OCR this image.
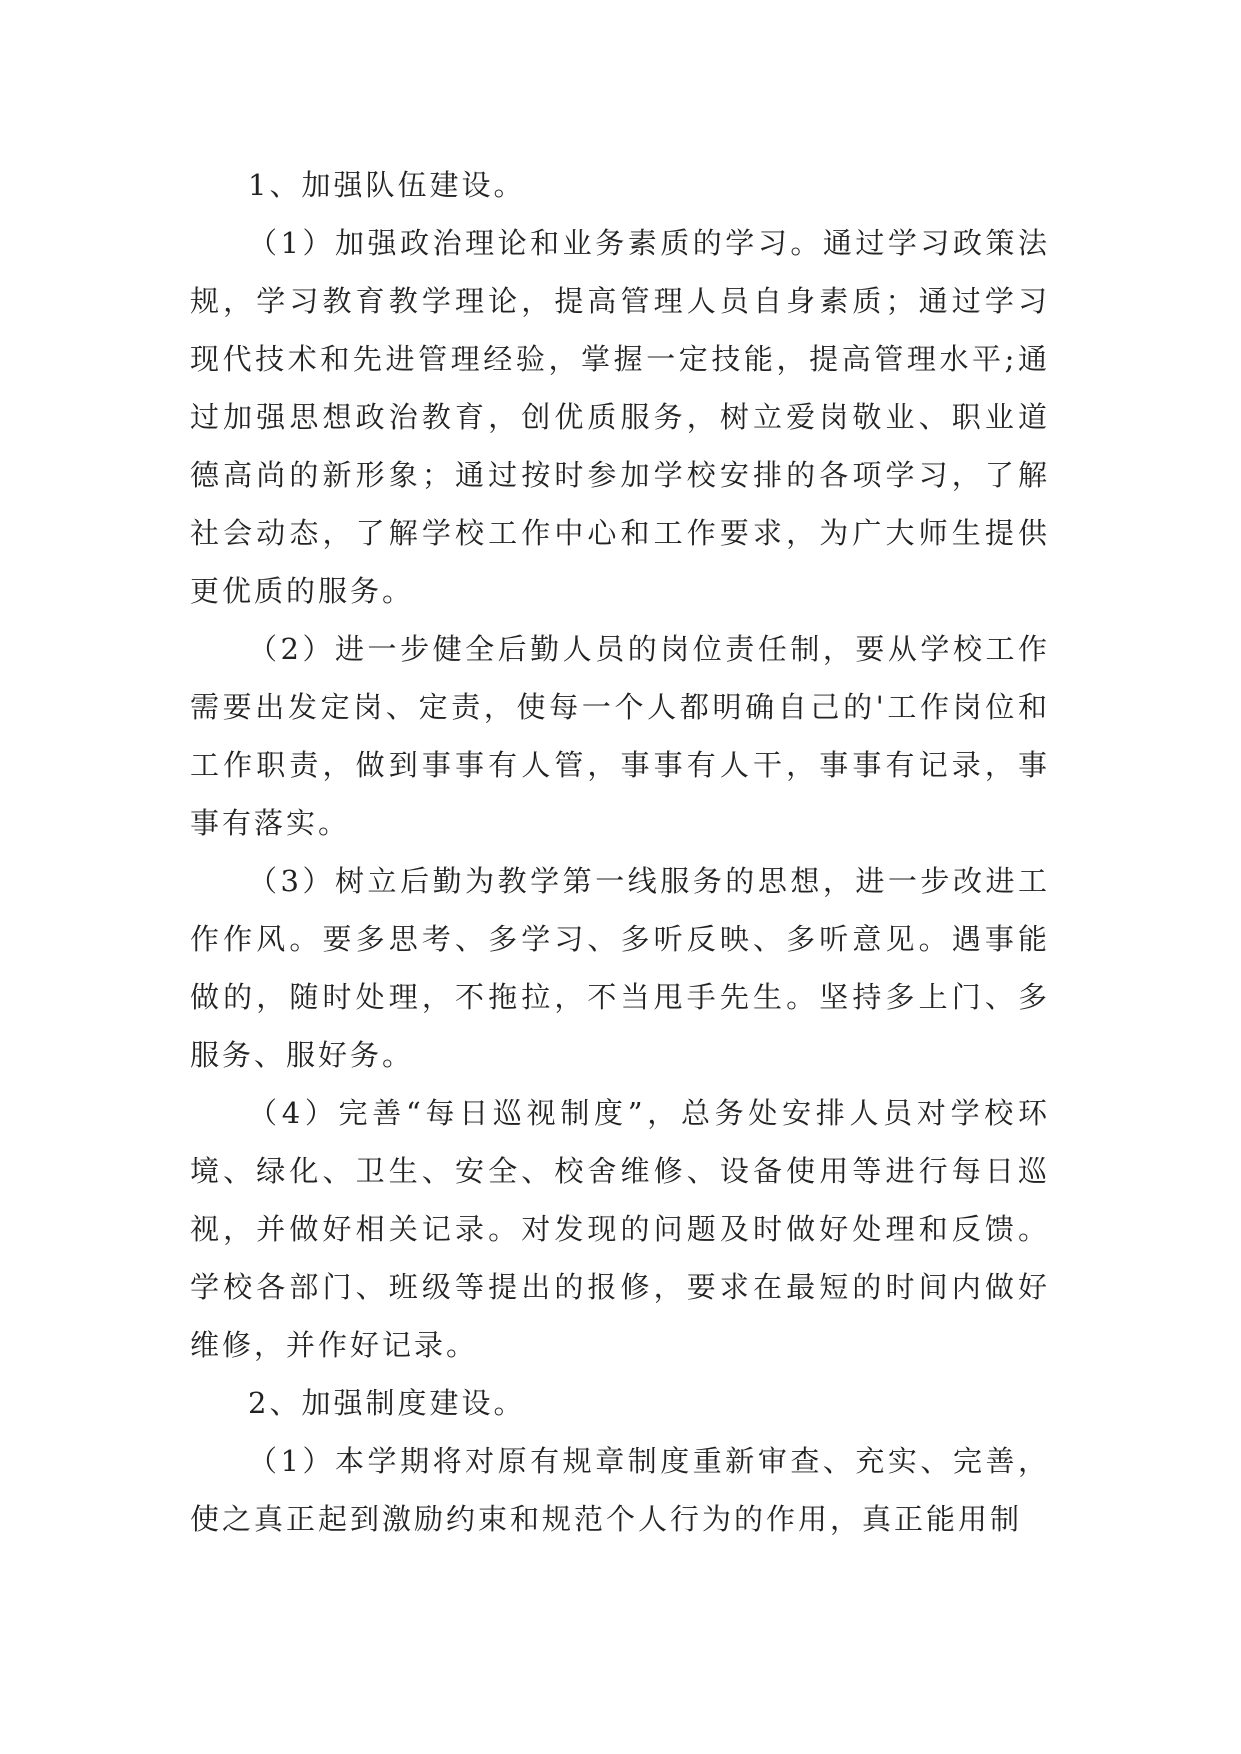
1、加强队伍建设。

（1）加强政治理论和业务素质的学习。通过学习政策法规，学习教育教学理论，提高管理人员自身素质；通过学习现代技术和先进管理经验，掌握一定技能，提高管理水平;通过加强思想政治教育，创优质服务，树立爱岗敬业、职业道德高尚的新形象；通过按时参加学校安排的各项学习，了解社会动态，了解学校工作中心和工作要求，为广大师生提供更优质的服务。

（2）进一步健全后勤人员的岗位责任制，要从学校工作需要出发定岗、定责，使每一个人都明确自己的'工作岗位和工作职责，做到事事有人管，事事有人干，事事有记录，事事有落实。

（3）树立后勤为教学第一线服务的思想，进一步改进工作作风。要多思考、多学习、多听反映、多听意见。遇事能做的，随时处理，不拖拉，不当甩手先生。坚持多上门、多服务、服好务。

（4）完善“每日巡视制度”，总务处安排人员对学校环境、绿化、卫生、安全、校舍维修、设备使用等进行每日巡视，并做好相关记录。对发现的问题及时做好处理和反馈。学校各部门、班级等提出的报修，要求在最短的时间内做好维修，并作好记录。

2、加强制度建设。

（1）本学期将对原有规章制度重新审查、充实、完善，使之真正起到激励约束和规范个人行为的作用，真正能用制
